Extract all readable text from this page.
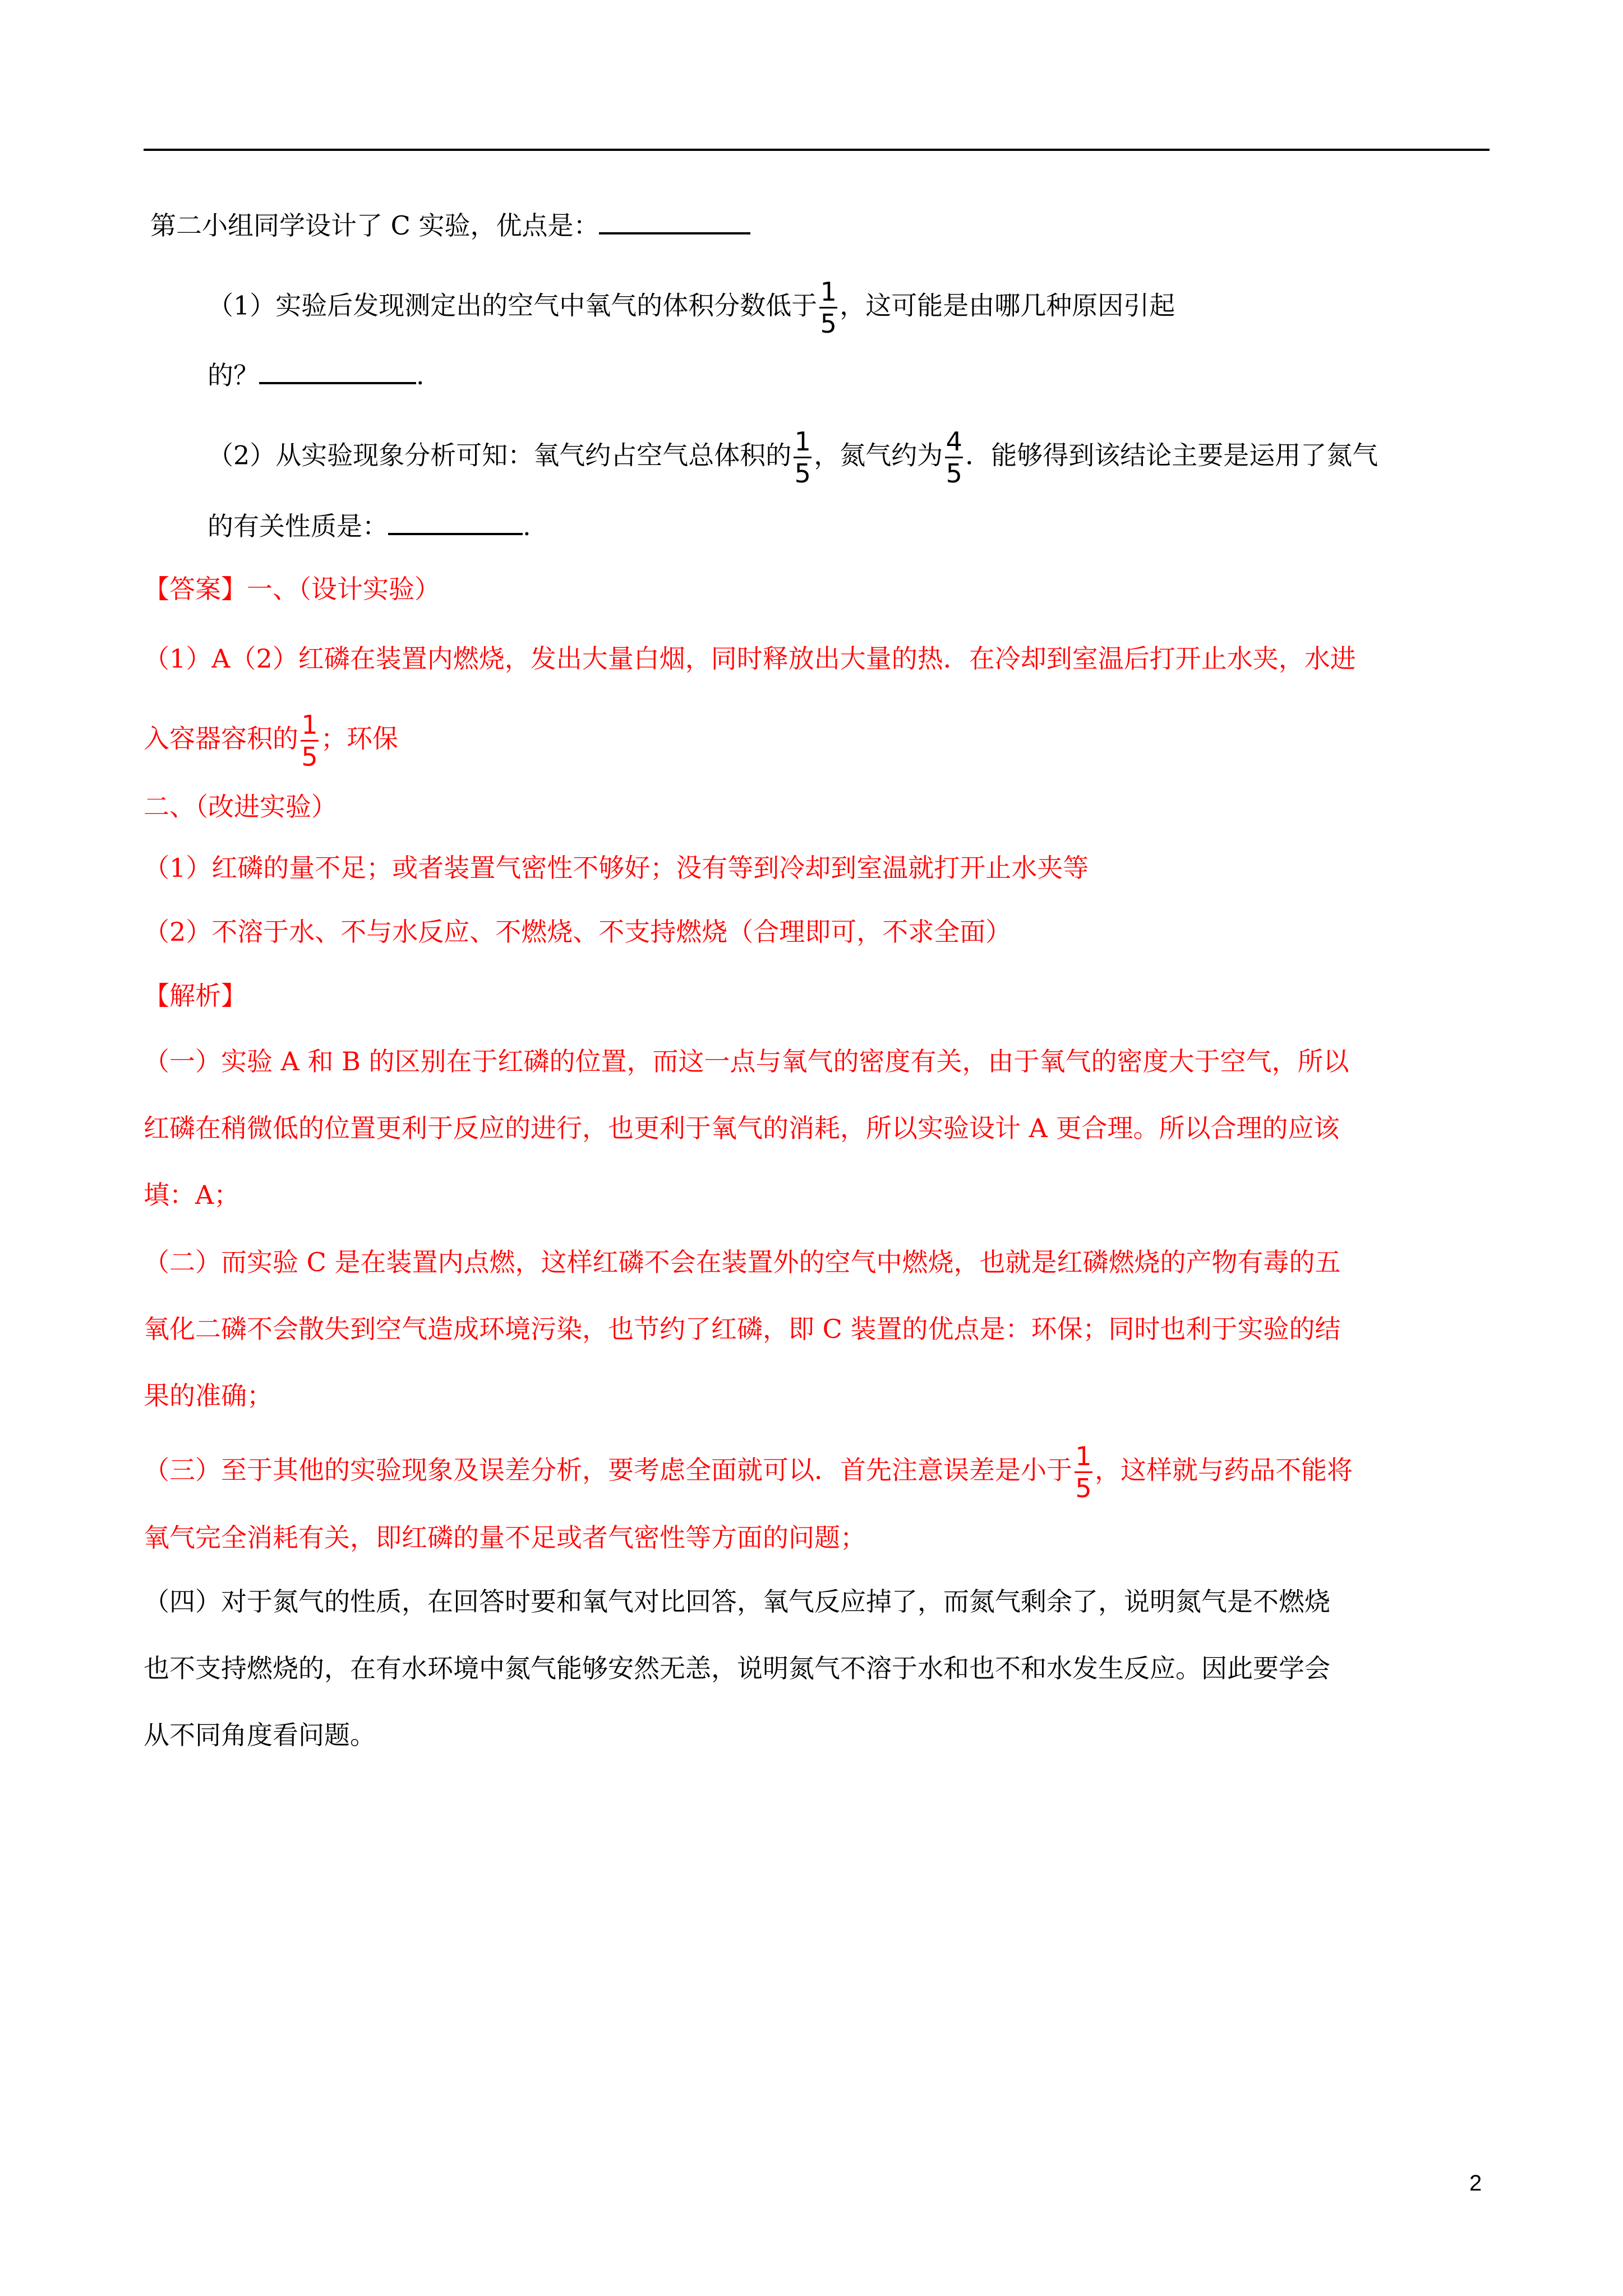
第二小组同学设计了 C 实验，优点是：
（1）实验后发现测定出的空气中氧气的体积分数低于 $\frac{1}{5}$ ，这可能是由哪几种原因引起
的？	.
（2）从实验现象分析可知：氧气约占空气总体积的 $\frac{1}{5}$ ，氮气约为 $\frac{4}{5}$ ．能够得到该结论主要是运用了氮气
的有关性质是：	.
【答案】一、（设计实验）
（1）A（2）红磷在装置内燃烧，发出大量白烟，同时释放出大量的热．在冷却到室温后打开止水夹，水进
入容器容积的 $\frac{1}{5}$ ；环保
二、（改进实验）
（1）红磷的量不足；或者装置气密性不够好；没有等到冷却到室温就打开止水夹等
（2）不溶于水、不与水反应、不燃烧、不支持燃烧（合理即可，不求全面）
【解析】
（一）实验 A 和 B 的区别在于红磷的位置，而这一点与氧气的密度有关，由于氧气的密度大于空气，所以
红磷在稍微低的位置更利于反应的进行，也更利于氧气的消耗，所以实验设计 A 更合理。所以合理的应该
填：A；
（二）而实验 C 是在装置内点燃，这样红磷不会在装置外的空气中燃烧，也就是红磷燃烧的产物有毒的五
氧化二磷不会散失到空气造成环境污染，也节约了红磷，即 C 装置的优点是：环保；同时也利于实验的结
果的准确；
（三）至于其他的实验现象及误差分析，要考虑全面就可以．首先注意误差是小于 $\frac{1}{5}$ ，这样就与药品不能将
氧气完全消耗有关，即红磷的量不足或者气密性等方面的问题；
（四）对于氮气的性质，在回答时要和氧气对比回答，氧气反应掉了，而氮气剩余了，说明氮气是不燃烧
也不支持燃烧的，在有水环境中氮气能够安然无恙，说明氮气不溶于水和也不和水发生反应。因此要学会
从不同角度看问题。
2
